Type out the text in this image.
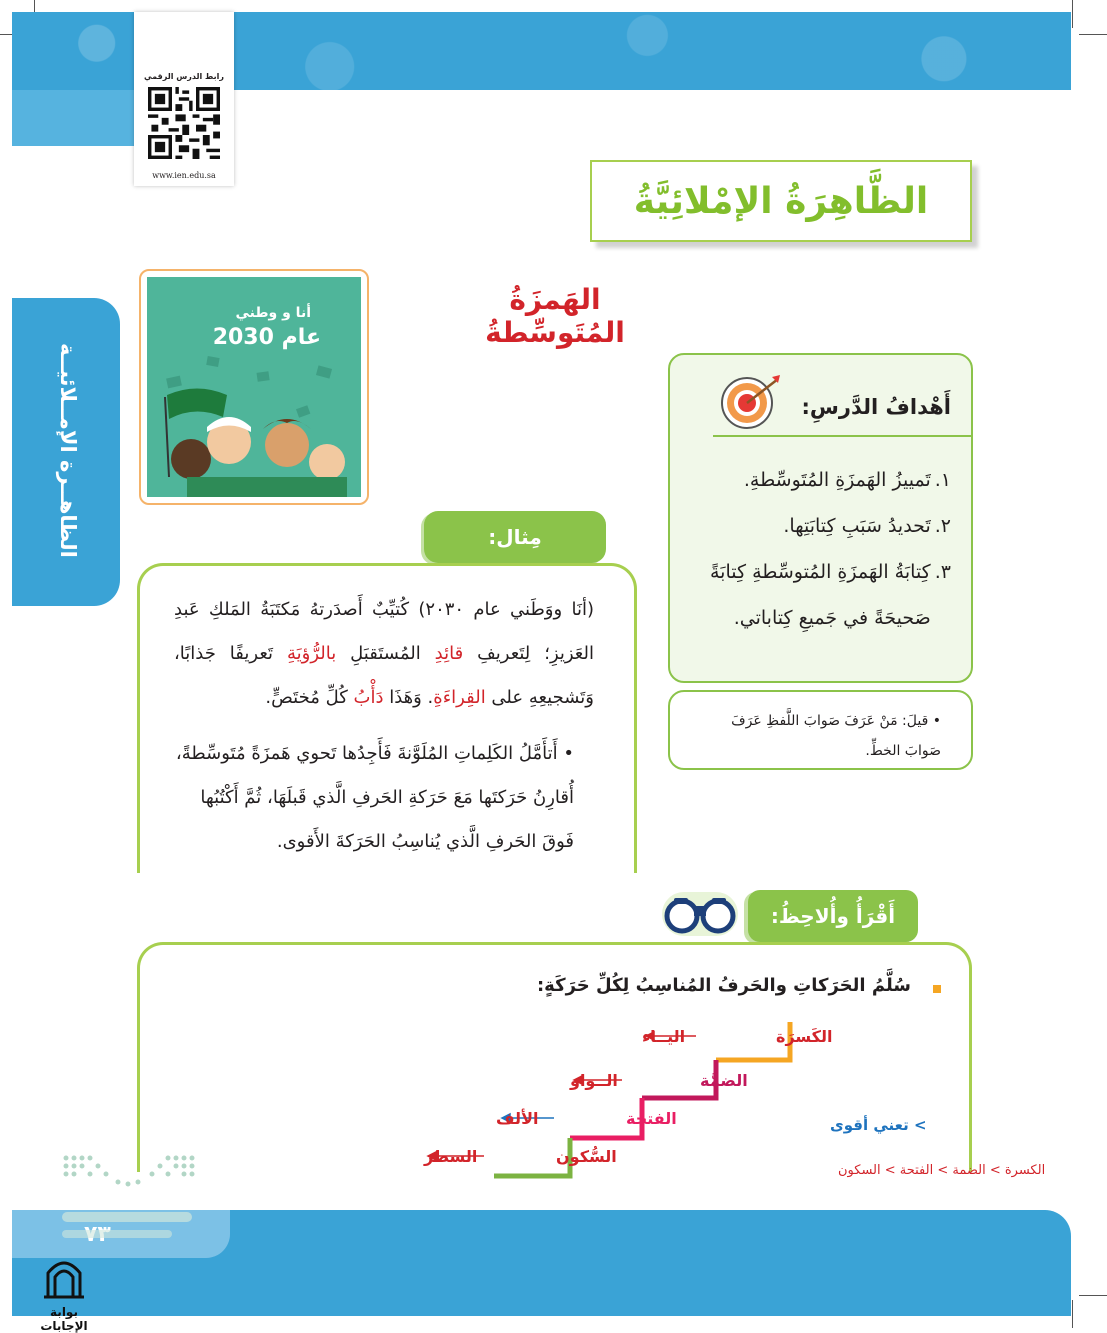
رابط الدرس الرقمي
www.ien.edu.sa
الظاهــرة الإمــلائيــة
الظَّاهِرَةُ الإمْلائِيَّةُ
الهَمزَةُ المُتَوسِّطةُ
أنا و وطني
عام 2030
أَهْدافُ الدَّرسِ:
١.
تَمييزُ الهَمزَةِ المُتَوسِّطةِ.
٢.
تَحديدُ سَبَبِ كِتابَتِها.
٣.
كِتابَةُ الهَمزَةِ المُتوسِّطةِ كِتابَةً صَحيحَةً في جَميعِ كِتاباتي.
• قيلَ: مَنْ عَرَفَ صَوابَ اللَّفظِ عَرَفَ صَوابَ الخطِّ.
مِثال:

(أنَا ووَطَني عام ٢٠٣٠) كُتيِّبٌ أَصدَرتهُ مَكتَبَةُ المَلكِ عَبدِ العَزيزِ؛ لِتَعريفِ قائِدِ المُستَقبَلِ بالرُّؤيَةِ تَعريفًا جَذابًا، وَتَشجيعِهِ على القِراءَةِ. وَهَذَا دَأْبُ كُلِّ مُختَصٍّ.

• أَتأَمَّلُ الكَلِماتِ المُلَوَّنةَ فَأَجِدُها تَحوي هَمزَةً مُتَوسِّطةً، أُقارِنُ حَرَكتَها مَعَ حَرَكةِ الحَرفِ الَّذي قَبلَهَا، ثُمَّ أَكْتُبُها فَوقَ الحَرفِ الَّذي يُناسِبُ الحَرَكةَ الأَقوى.

أَقْرَأُ وأُلاحِظُ:
سُلَّمُ الحَرَكاتِ والحَرفُ المُناسِبُ لِكُلِّ حَرَكَةٍ:
الكَسرَة
الضمَّة
الفتحة
السُّكون
اليــاء
الــواو
الألف
السطر
> تعني أقوى
الكسرة > الضمة > الفتحة > السكون
بوابة الإجابات
